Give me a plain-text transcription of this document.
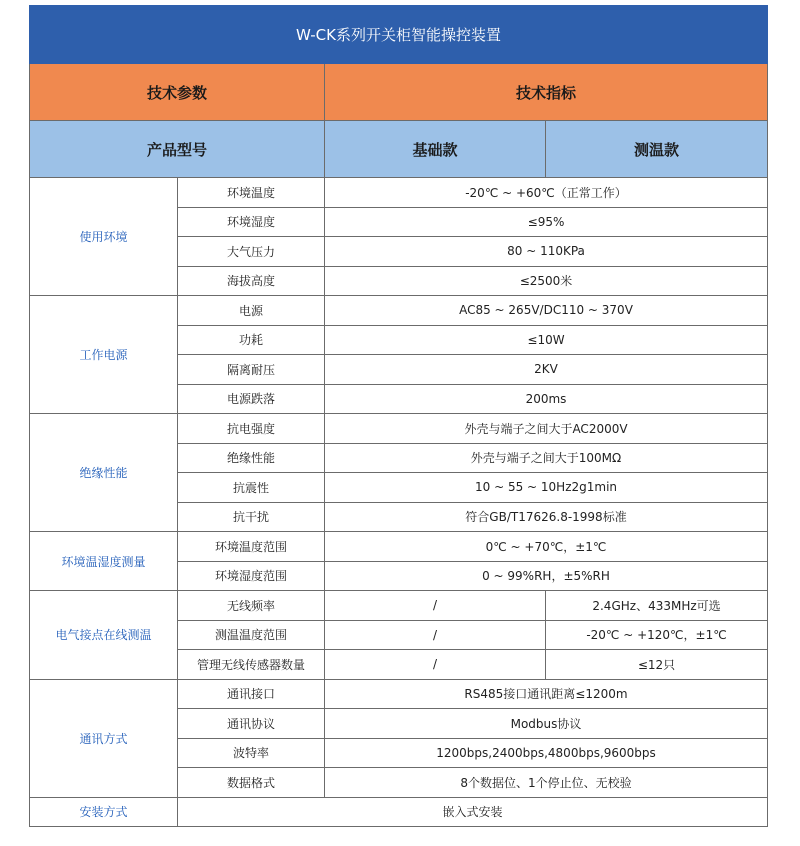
W-CK系列开关柜智能操控装置			
技术参数		技术指标	
产品型号		基础款	测温款
使用环境	环境温度	-20℃ ~ +60℃（正常工作）	
	环境湿度	≤95%	
	大气压力	80 ~ 110KPa	
	海拔高度	≤2500米	
工作电源	电源	AC85 ~ 265V/DC110 ~ 370V	
	功耗	≤10W	
	隔离耐压	2KV	
	电源跌落	200ms	
绝缘性能	抗电强度	外壳与端子之间大于AC2000V	
	绝缘性能	外壳与端子之间大于100MΩ	
	抗震性	10 ~ 55 ~ 10Hz2g1min	
	抗干扰	符合GB/T17626.8-1998标准	
环境温湿度测量	环境温度范围	0℃ ~ +70℃，±1℃	
	环境湿度范围	0 ~ 99%RH，±5%RH	
电气接点在线测温	无线频率	/	2.4GHz、433MHz可选
	测温温度范围	/	-20℃ ~ +120℃，±1℃
	管理无线传感器数量	/	≤12只
通讯方式	通讯接口	RS485接口通讯距离≤1200m	
	通讯协议	Modbus协议	
	波特率	1200bps,2400bps,4800bps,9600bps	
	数据格式	8个数据位、1个停止位、无校验	
安装方式	嵌入式安装		
